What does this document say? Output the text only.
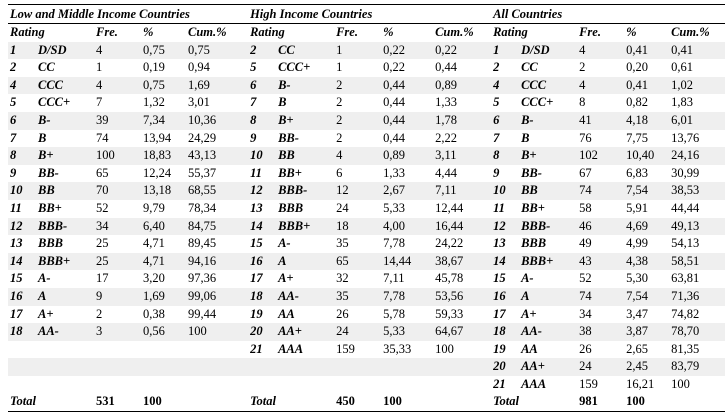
Low and Middle Income Countries					High Income Countries					All Countries				
Rating		Fre.	%	Cum.%	Rating		Fre.	%	Cum.%	Rating		Fre.	%	Cum.%
1	D/SD	4	0,75	0,75	2	CC	1	0,22	0,22	1	D/SD	4	0,41	0,41
2	CC	1	0,19	0,94	5	CCC+	1	0,22	0,44	2	CC	2	0,20	0,61
4	CCC	4	0,75	1,69	6	B-	2	0,44	0,89	4	CCC	4	0,41	1,02
5	CCC+	7	1,32	3,01	7	B	2	0,44	1,33	5	CCC+	8	0,82	1,83
6	B-	39	7,34	10,36	8	B+	2	0,44	1,78	6	B-	41	4,18	6,01
7	B	74	13,94	24,29	9	BB-	2	0,44	2,22	7	B	76	7,75	13,76
8	B+	100	18,83	43,13	10	BB	4	0,89	3,11	8	B+	102	10,40	24,16
9	BB-	65	12,24	55,37	11	BB+	6	1,33	4,44	9	BB-	67	6,83	30,99
10	BB	70	13,18	68,55	12	BBB-	12	2,67	7,11	10	BB	74	7,54	38,53
11	BB+	52	9,79	78,34	13	BBB	24	5,33	12,44	11	BB+	58	5,91	44,44
12	BBB-	34	6,40	84,75	14	BBB+	18	4,00	16,44	12	BBB-	46	4,69	49,13
13	BBB	25	4,71	89,45	15	A-	35	7,78	24,22	13	BBB	49	4,99	54,13
14	BBB+	25	4,71	94,16	16	A	65	14,44	38,67	14	BBB+	43	4,38	58,51
15	A-	17	3,20	97,36	17	A+	32	7,11	45,78	15	A-	52	5,30	63,81
16	A	9	1,69	99,06	18	AA-	35	7,78	53,56	16	A	74	7,54	71,36
17	A+	2	0,38	99,44	19	AA	26	5,78	59,33	17	A+	34	3,47	74,82
18	AA-	3	0,56	100	20	AA+	24	5,33	64,67	18	AA-	38	3,87	78,70
					21	AAA	159	35,33	100	19	AA	26	2,65	81,35
										20	AA+	24	2,45	83,79
										21	AAA	159	16,21	100
Total		531	100		Total		450	100		Total		981	100	
